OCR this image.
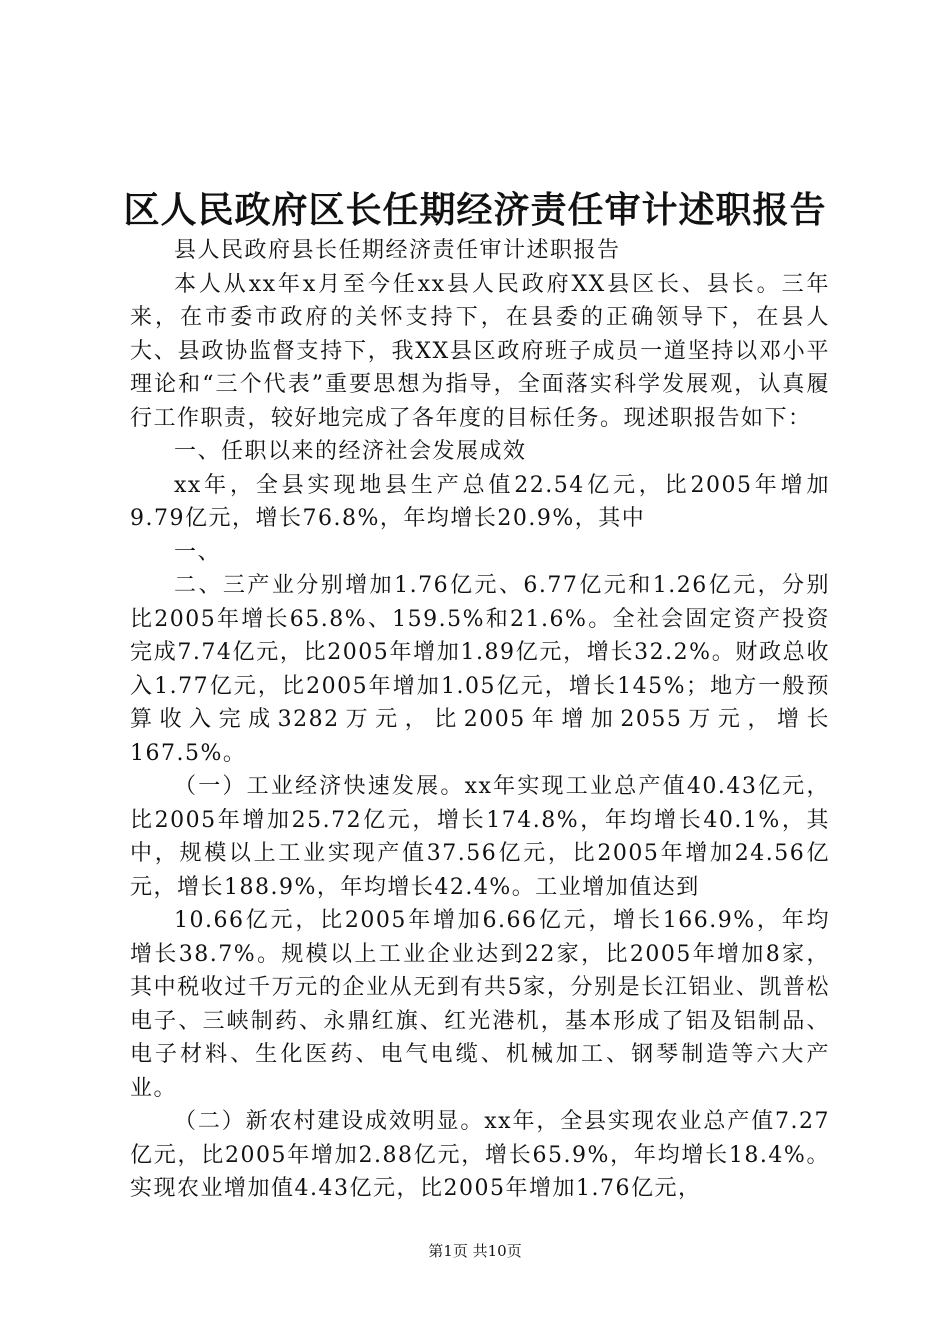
区人民政府区长任期经济责任审计述职报告

县人民政府县长任期经济责任审计述职报告

本人从xx年x月至今任xx县人民政府XX县区长、县长。三年来，在市委市政府的关怀支持下，在县委的正确领导下，在县人大、县政协监督支持下，我XX县区政府班子成员一道坚持以邓小平理论和“三个代表”重要思想为指导，全面落实科学发展观，认真履行工作职责，较好地完成了各年度的目标任务。现述职报告如下：

一、任职以来的经济社会发展成效

xx年，全县实现地县生产总值22.54亿元，比2005年增加9.79亿元，增长76.8%，年均增长20.9%，其中

一、

二、三产业分别增加1.76亿元、6.77亿元和1.26亿元，分别比2005年增长65.8%、159.5%和21.6%。全社会固定资产投资完成7.74亿元，比2005年增加1.89亿元，增长32.2%。财政总收入1.77亿元，比2005年增加1.05亿元，增长145%；地方一般预算收入完成3282万元，比2005年增加2055万元，增长167.5%。

（一）工业经济快速发展。xx年实现工业总产值40.43亿元，比2005年增加25.72亿元，增长174.8%，年均增长40.1%，其中，规模以上工业实现产值37.56亿元，比2005年增加24.56亿元，增长188.9%，年均增长42.4%。工业增加值达到

10.66亿元，比2005年增加6.66亿元，增长166.9%，年均增长38.7%。规模以上工业企业达到22家，比2005年增加8家，其中税收过千万元的企业从无到有共5家，分别是长江铝业、凯普松电子、三峡制药、永鼎红旗、红光港机，基本形成了铝及铝制品、电子材料、生化医药、电气电缆、机械加工、钢琴制造等六大产业。

（二）新农村建设成效明显。xx年，全县实现农业总产值7.27亿元，比2005年增加2.88亿元，增长65.9%，年均增长18.4%。实现农业增加值4.43亿元，比2005年增加1.76亿元，

第1页 共10页
